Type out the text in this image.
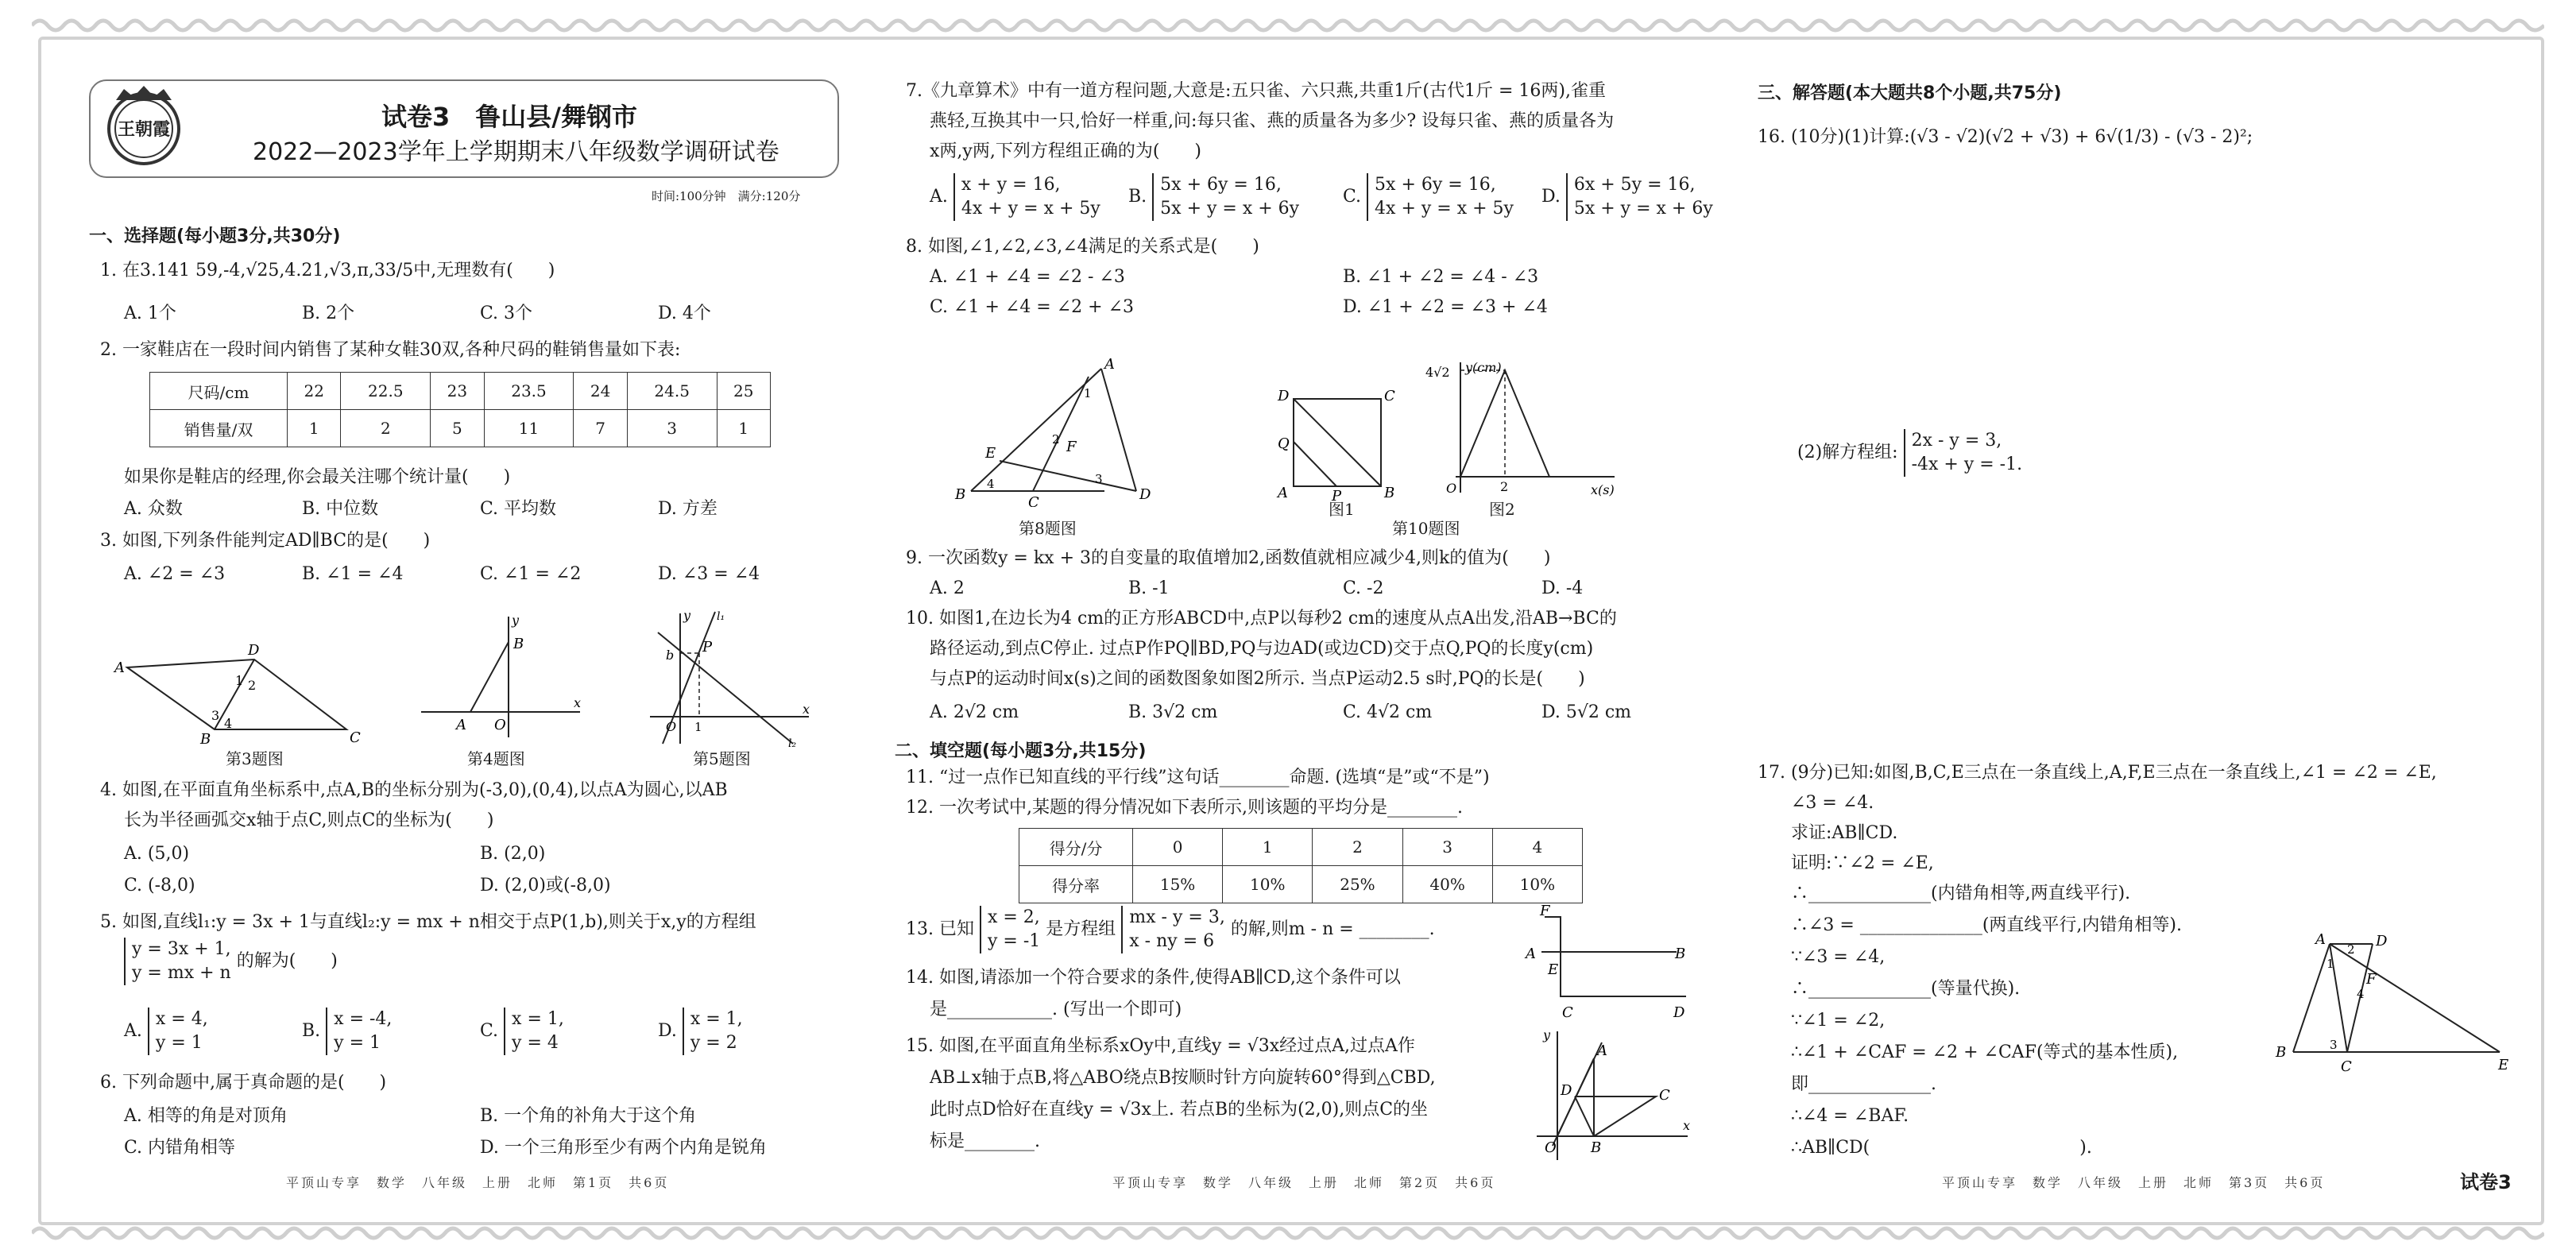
王朝霞	试卷3　鲁山县/舞钢市
2022—2023学年上学期期末八年级数学调研试卷
时间:100分钟　满分:120分
一、选择题(每小题3分,共30分)
1. 在3.141 59,-4,√25,4.21,√3,π,33/5中,无理数有(　　)
A. 1个	B. 2个	C. 3个	D. 4个
2. 一家鞋店在一段时间内销售了某种女鞋30双,各种尺码的鞋销售量如下表:
尺码/cm	22	22.5	23	23.5	24	24.5	25
销售量/双	1	2	5	11	7	3	1
如果你是鞋店的经理,你会最关注哪个统计量(　　)
A. 众数	B. 中位数	C. 平均数	D. 方差
3. 如图,下列条件能判定AD∥BC的是(　　)
A. ∠2 = ∠3	B. ∠1 = ∠4	C. ∠1 = ∠2	D. ∠3 = ∠4
A
D
C
B
1 2
3
4
第3题图
y
x
B
A O
第4题图
l₁
l₂
P
b
O 1
x
y
第5题图
4. 如图,在平面直角坐标系中,点A,B的坐标分别为(-3,0),(0,4),以点A为圆心,以AB
长为半径画弧交x轴于点C,则点C的坐标为(　　)
A. (5,0)	B. (2,0)
C. (-8,0)	D. (2,0)或(-8,0)
5. 如图,直线l₁:y = 3x + 1与直线l₂:y = mx + n相交于点P(1,b),则关于x,y的方程组
y = 3x + 1,
y = mx + n 的解为(　　)
A. x = 4,
y = 1
B. x = -4,
y = 1
C. x = 1,
y = 4
D. x = 1,
y = 2
6. 下列命题中,属于真命题的是(　　)
A. 相等的角是对顶角	B. 一个角的补角大于这个角
C. 内错角相等	D. 一个三角形至少有两个内角是锐角
平顶山专享　数学　八年级　上册　北师　第1页　共6页
7.《九章算术》中有一道方程问题,大意是:五只雀、六只燕,共重1斤(古代1斤 = 16两),雀重
燕轻,互换其中一只,恰好一样重,问:每只雀、燕的质量各为多少? 设每只雀、燕的质量各为
x两,y两,下列方程组正确的为(　　)
A. x + y = 16,
4x + y = x + 5y
B. 5x + 6y = 16,
5x + y = x + 6y
C. 5x + 6y = 16,
4x + y = x + 5y
D. 6x + 5y = 16,
5x + y = x + 6y
8. 如图,∠1,∠2,∠3,∠4满足的关系式是(　　)
A. ∠1 + ∠4 = ∠2 - ∠3	B. ∠1 + ∠2 = ∠4 - ∠3
C. ∠1 + ∠4 = ∠2 + ∠3	D. ∠1 + ∠2 = ∠3 + ∠4
A
B	C	D
E	F
1
2
3
4
第8题图
D	C
A	B
Q
P
图1
y(cm)
4√2
O	2	x(s)
图2
第10题图
9. 一次函数y = kx + 3的自变量的取值增加2,函数值就相应减少4,则k的值为(　　)
A. 2	B. -1	C. -2	D. -4
10. 如图1,在边长为4 cm的正方形ABCD中,点P以每秒2 cm的速度从点A出发,沿AB→BC的
路径运动,到点C停止. 过点P作PQ∥BD,PQ与边AD(或边CD)交于点Q,PQ的长度y(cm)
与点P的运动时间x(s)之间的函数图象如图2所示. 当点P运动2.5 s时,PQ的长是(　　)
A. 2√2 cm	B. 3√2 cm	C. 4√2 cm	D. 5√2 cm
二、填空题(每小题3分,共15分)
11. “过一点作已知直线的平行线”这句话________命题. (选填“是”或“不是”)
12. 一次考试中,某题的得分情况如下表所示,则该题的平均分是________.
得分/分	0	1	2	3	4
得分率	15%	10%	25%	40%	10%
13. 已知 x = 2,
y = -1 是方程组 mx - y = 3,
x - ny = 6 的解,则m - n = ________.
14. 如图,请添加一个符合要求的条件,使得AB∥CD,这个条件可以
是____________. (写出一个即可)
F
A	B
E
C	D
15. 如图,在平面直角坐标系xOy中,直线y = √3x经过点A,过点A作
AB⊥x轴于点B,将△ABO绕点B按顺时针方向旋转60°得到△CBD,
此时点D恰好在直线y = √3x上. 若点B的坐标为(2,0),则点C的坐
标是________.
y
A
D	C
O B
x
平顶山专享　数学　八年级　上册　北师　第2页　共6页
三、解答题(本大题共8个小题,共75分)
16. (10分)(1)计算:(√3 - √2)(√2 + √3) + 6√(1/3) - (√3 - 2)²;
(2)解方程组: 2x - y = 3,
-4x + y = -1.
17. (9分)已知:如图,B,C,E三点在一条直线上,A,F,E三点在一条直线上,∠1 = ∠2 = ∠E,
∠3 = ∠4.
求证:AB∥CD.
证明:∵∠2 = ∠E,
∴______________(内错角相等,两直线平行).
∴∠3 = ______________(两直线平行,内错角相等).
∵∠3 = ∠4,
∴______________(等量代换).
∵∠1 = ∠2,
∴∠1 + ∠CAF = ∠2 + ∠CAF(等式的基本性质),
即______________.
∴∠4 = ∠BAF.
∴AB∥CD(　　　　　　　　　　　　).
A	D
B
C	E
F
1
2
3
4
平顶山专享　数学　八年级　上册　北师　第3页　共6页	试卷3
